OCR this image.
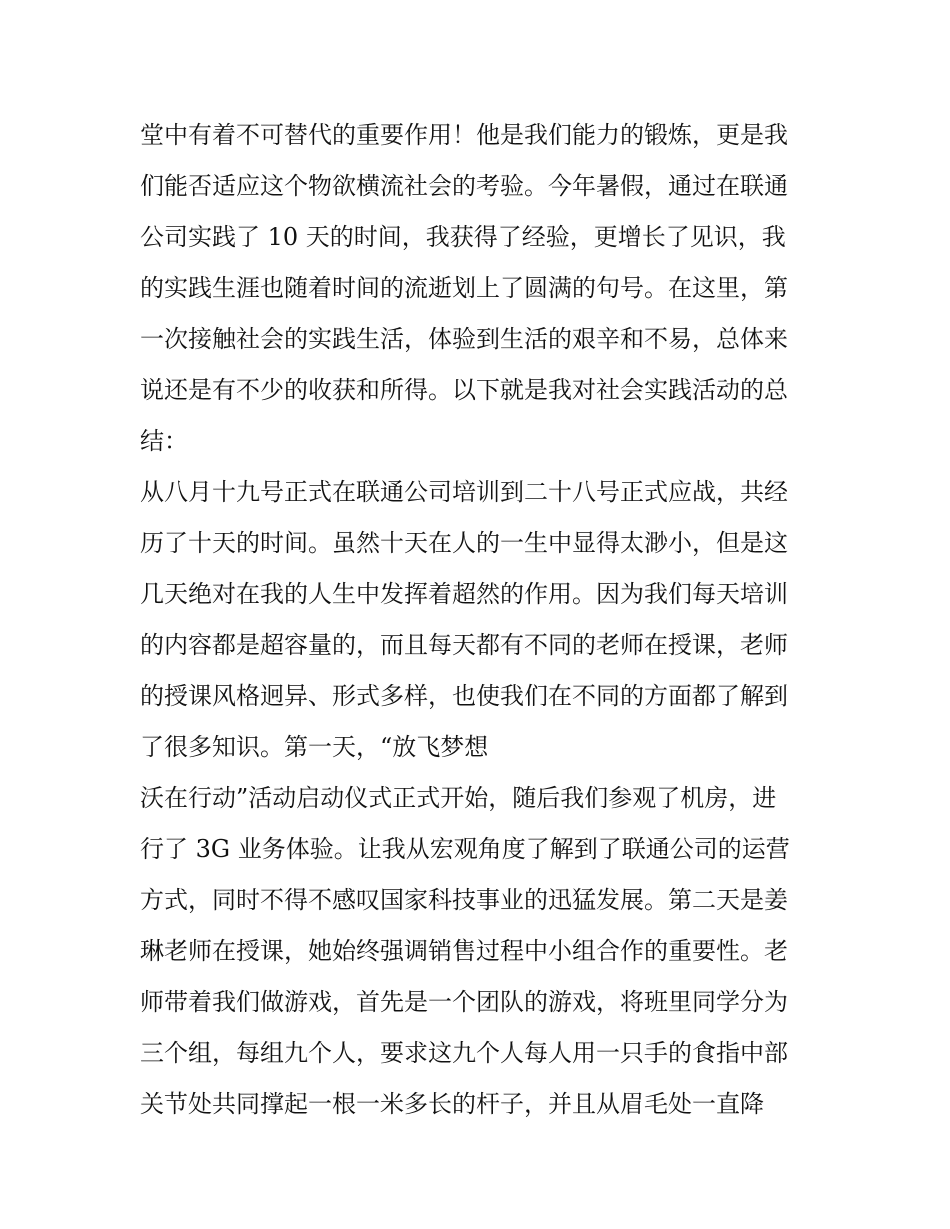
堂中有着不可替代的重要作用！他是我们能力的锻炼，更是我
们能否适应这个物欲横流社会的考验。今年暑假，通过在联通
公司实践了 10 天的时间，我获得了经验，更增长了见识，我
的实践生涯也随着时间的流逝划上了圆满的句号。在这里，第
一次接触社会的实践生活，体验到生活的艰辛和不易，总体来
说还是有不少的收获和所得。以下就是我对社会实践活动的总
结：
从八月十九号正式在联通公司培训到二十八号正式应战，共经
历了十天的时间。虽然十天在人的一生中显得太渺小，但是这
几天绝对在我的人生中发挥着超然的作用。因为我们每天培训
的内容都是超容量的，而且每天都有不同的老师在授课，老师
的授课风格迥异、形式多样，也使我们在不同的方面都了解到
了很多知识。第一天，“放飞梦想
沃在行动”活动启动仪式正式开始，随后我们参观了机房，进
行了 3G 业务体验。让我从宏观角度了解到了联通公司的运营
方式，同时不得不感叹国家科技事业的迅猛发展。第二天是姜
琳老师在授课，她始终强调销售过程中小组合作的重要性。老
师带着我们做游戏，首先是一个团队的游戏，将班里同学分为
三个组，每组九个人，要求这九个人每人用一只手的食指中部
关节处共同撑起一根一米多长的杆子，并且从眉毛处一直降
